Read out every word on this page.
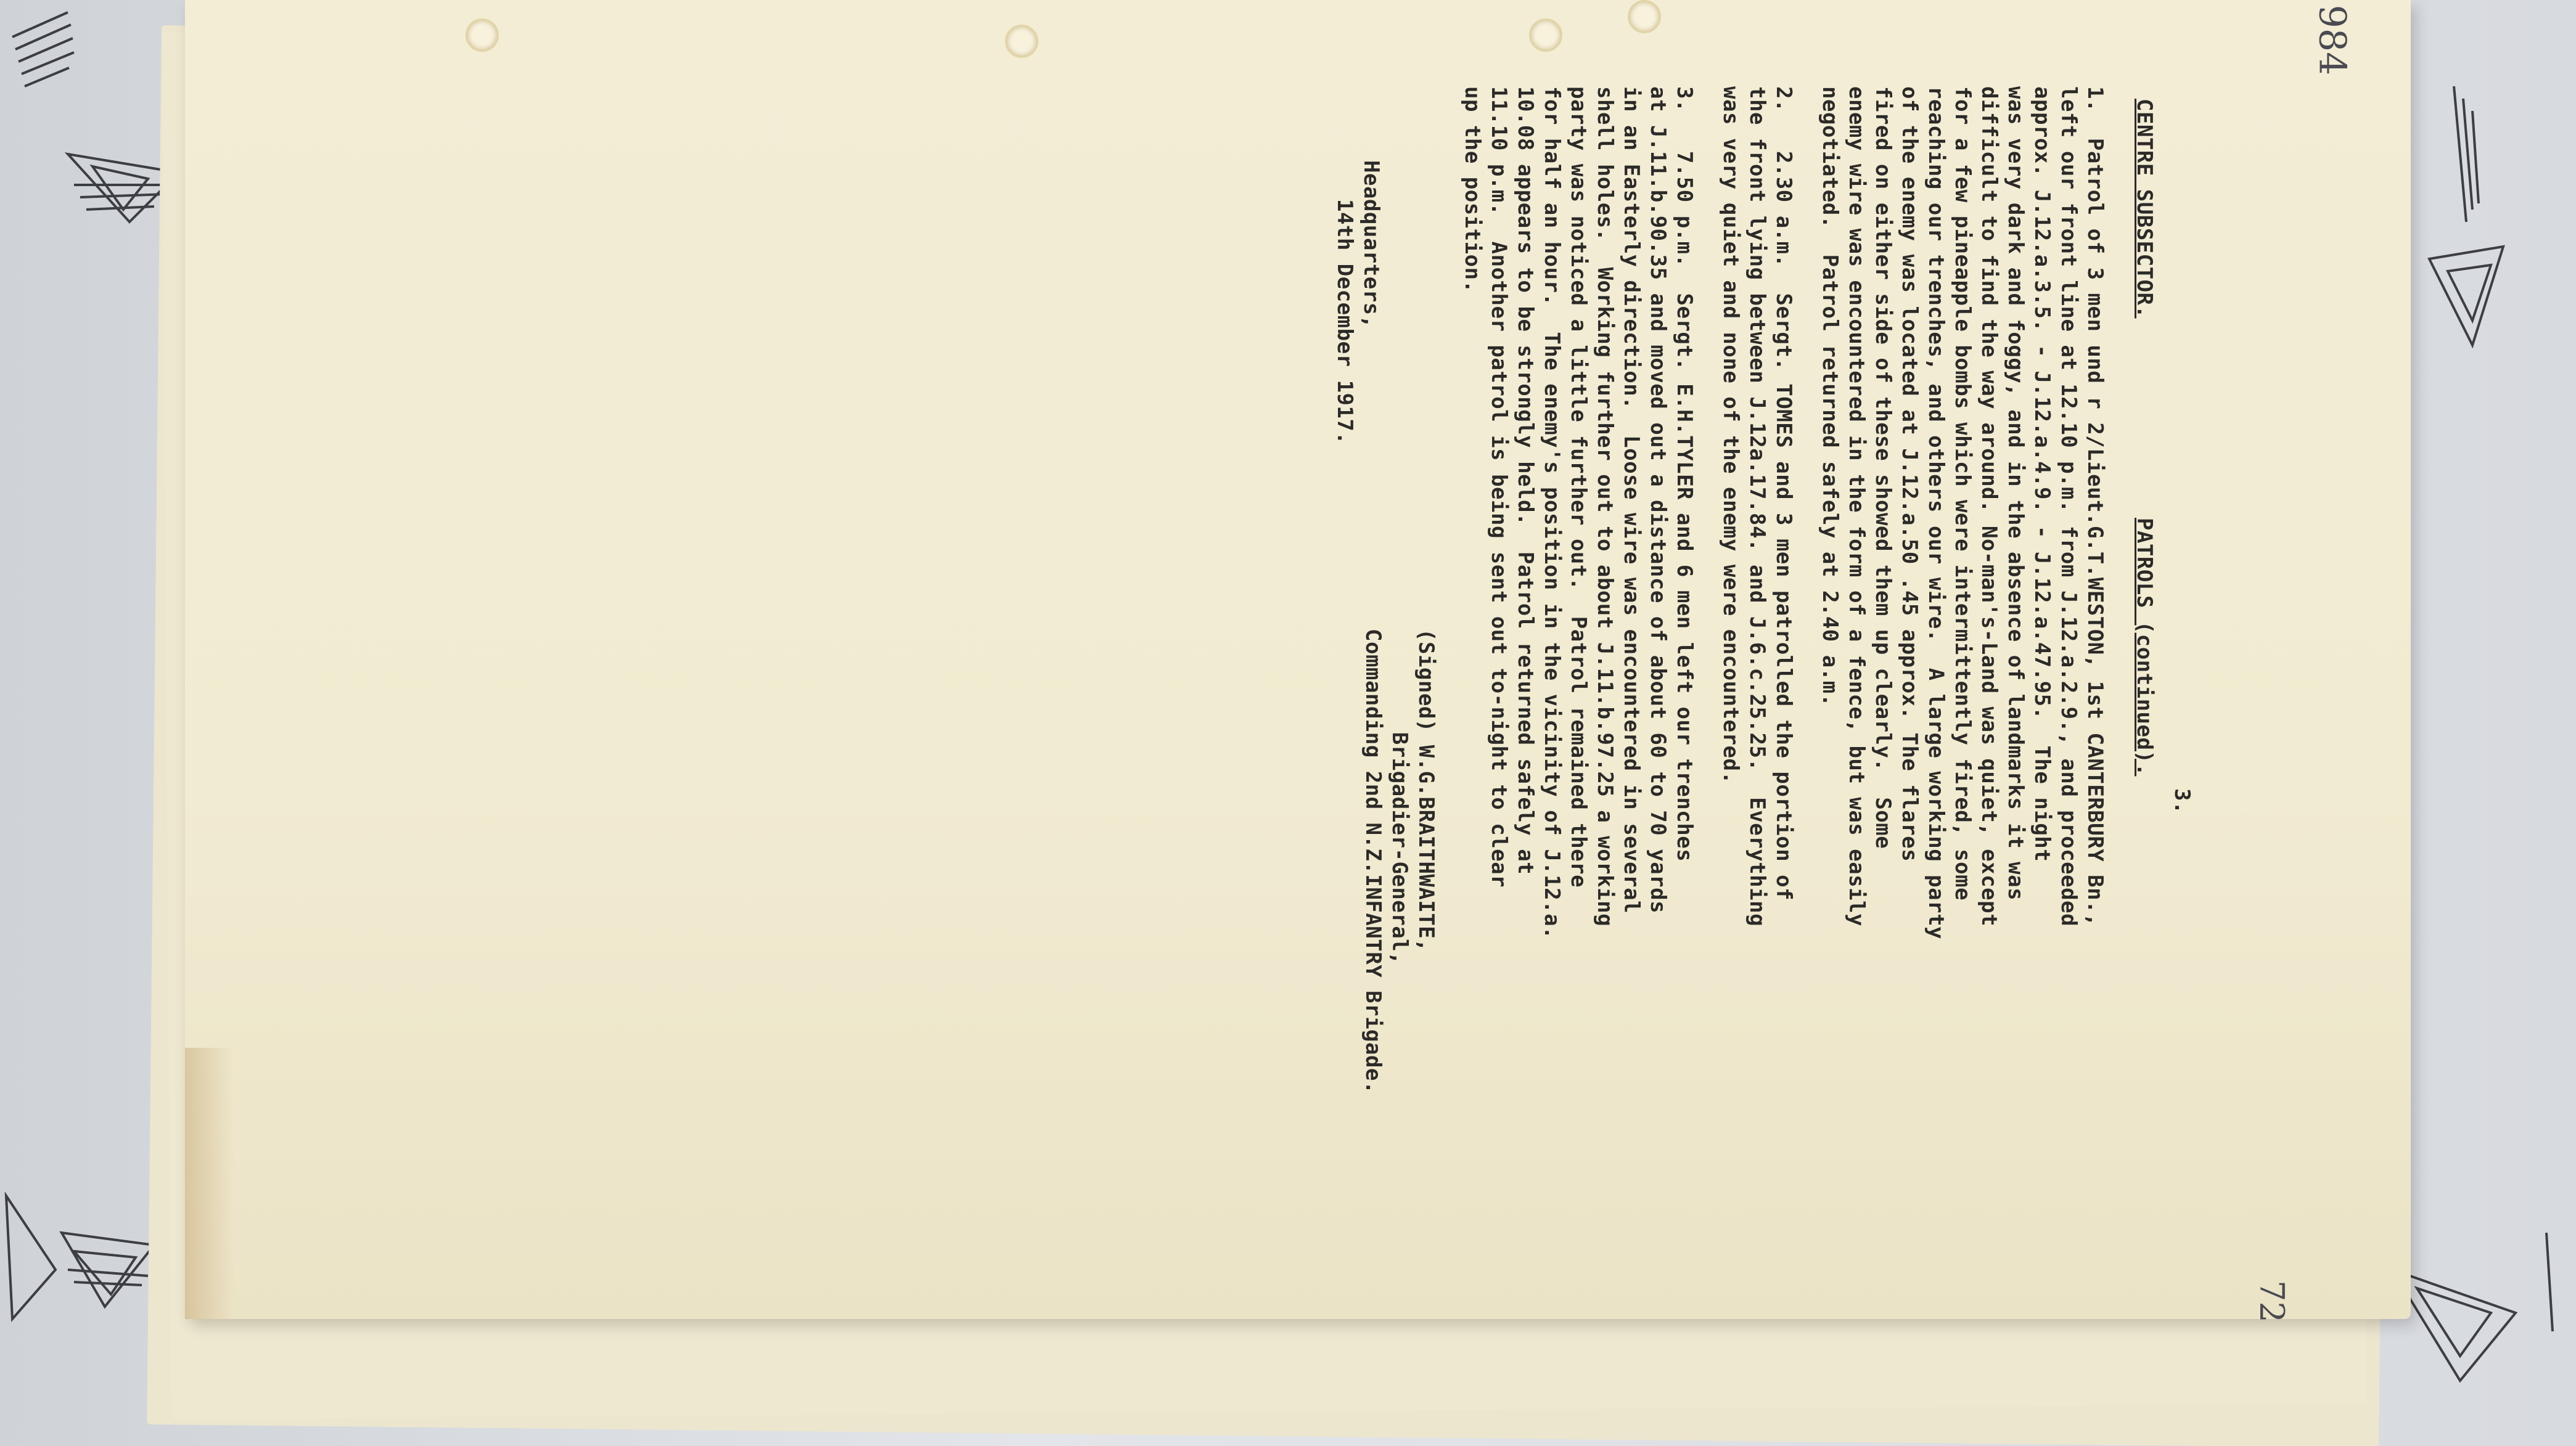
984
72
3.
CENTRE SUBSECTOR.
PATROLS (continued).
1.  Patrol of 3 men und r 2/Lieut.G.T.WESTON, 1st CANTERBURY Bn.,
left our front line at 12.10 p.m. from J.12.a.2.9., and proceeded
approx. J.12.a.3.5. - J.12.a.4.9. - J.12.a.47.95.  The night
was very dark and foggy, and in the absence of landmarks it was
difficult to find the way around. No-man's-Land was quiet, except
for a few pineapple bombs which were intermittently fired, some
reaching our trenches, and others our wire.  A large working party
of the enemy was located at J.12.a.50 .45 approx. The flares
fired on either side of these showed them up clearly.  Some
enemy wire was encountered in the form of a fence, but was easily
negotiated.  Patrol returned safely at 2.40 a.m.
2.   2.30 a.m.  Sergt. TOMES and 3 men patrolled the portion of
the front lying between J.12a.17.84. and J.6.c.25.25.  Everything
was very quiet and none of the enemy were encountered.
3.   7.50 p.m.  Sergt. E.H.TYLER and 6 men left our trenches
at J.11.b.90.35 and moved out a distance of about 60 to 70 yards
in an Easterly direction.  Loose wire was encountered in several
shell holes.  Working further out to about J.11.b.97.25 a working
party was noticed a little further out.  Patrol remained there
for half an hour.  The enemy's position in the vicinity of J.12.a.
10.08 appears to be strongly held.  Patrol returned safely at
11.10 p.m.  Another patrol is being sent out to-night to clear
up the position.
(Signed) W.G.BRAITHWAITE,
Brigadier-General,
Commanding 2nd N.Z.INFANTRY Brigade.
Headquarters,
14th December 1917.
